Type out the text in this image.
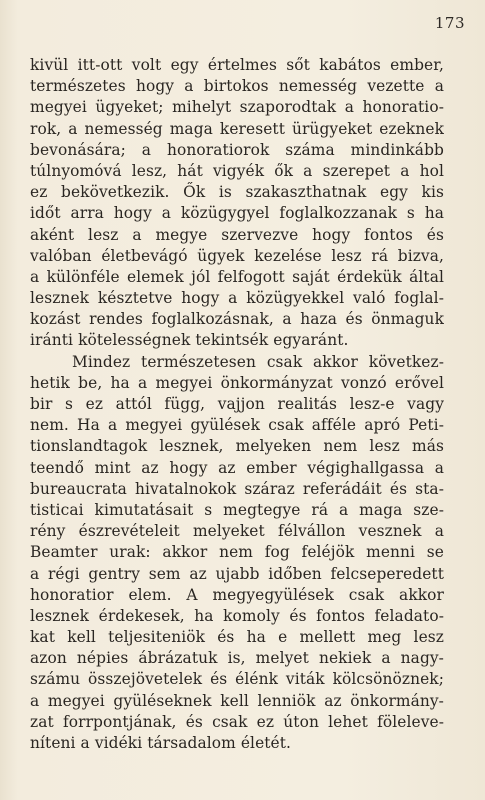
173
kivül itt-ott volt egy értelmes sőt kabátos ember,
természetes hogy a birtokos nemesség vezette a
megyei ügyeket; mihelyt szaporodtak a honoratio-
rok, a nemesség maga keresett ürügyeket ezeknek
bevonására; a honoratiorok száma mindinkább
túlnyomóvá lesz, hát vigyék ők a szerepet a hol
ez bekövetkezik. Ők is szakaszthatnak egy kis
időt arra hogy a közügygyel foglalkozzanak s ha
aként lesz a megye szervezve hogy fontos és
valóban életbevágó ügyek kezelése lesz rá bizva,
a különféle elemek jól felfogott saját érdekük által
lesznek késztetve hogy a közügyekkel való foglal-
kozást rendes foglalkozásnak, a haza és önmaguk
iránti kötelességnek tekintsék egyaránt.
Mindez természetesen csak akkor következ-
hetik be, ha a megyei önkormányzat vonzó erővel
bir s ez attól függ, vajjon realitás lesz-e vagy
nem. Ha a megyei gyülések csak afféle apró Peti-
tionslandtagok lesznek, melyeken nem lesz más
teendő mint az hogy az ember végighallgassa a
bureaucrata hivatalnokok száraz referádáit és sta-
tisticai kimutatásait s megtegye rá a maga sze-
rény észrevételeit melyeket félvállon vesznek a
Beamter urak: akkor nem fog feléjök menni se
a régi gentry sem az ujabb időben felcseperedett
honoratior elem. A megyegyülések csak akkor
lesznek érdekesek, ha komoly és fontos feladato-
kat kell teljesiteniök és ha e mellett meg lesz
azon népies ábrázatuk is, melyet nekiek a nagy-
számu összejövetelek és élénk viták kölcsönöznek;
a megyei gyüléseknek kell lenniök az önkormány-
zat forrpontjának, és csak ez úton lehet föleleve-
níteni a vidéki társadalom életét.
